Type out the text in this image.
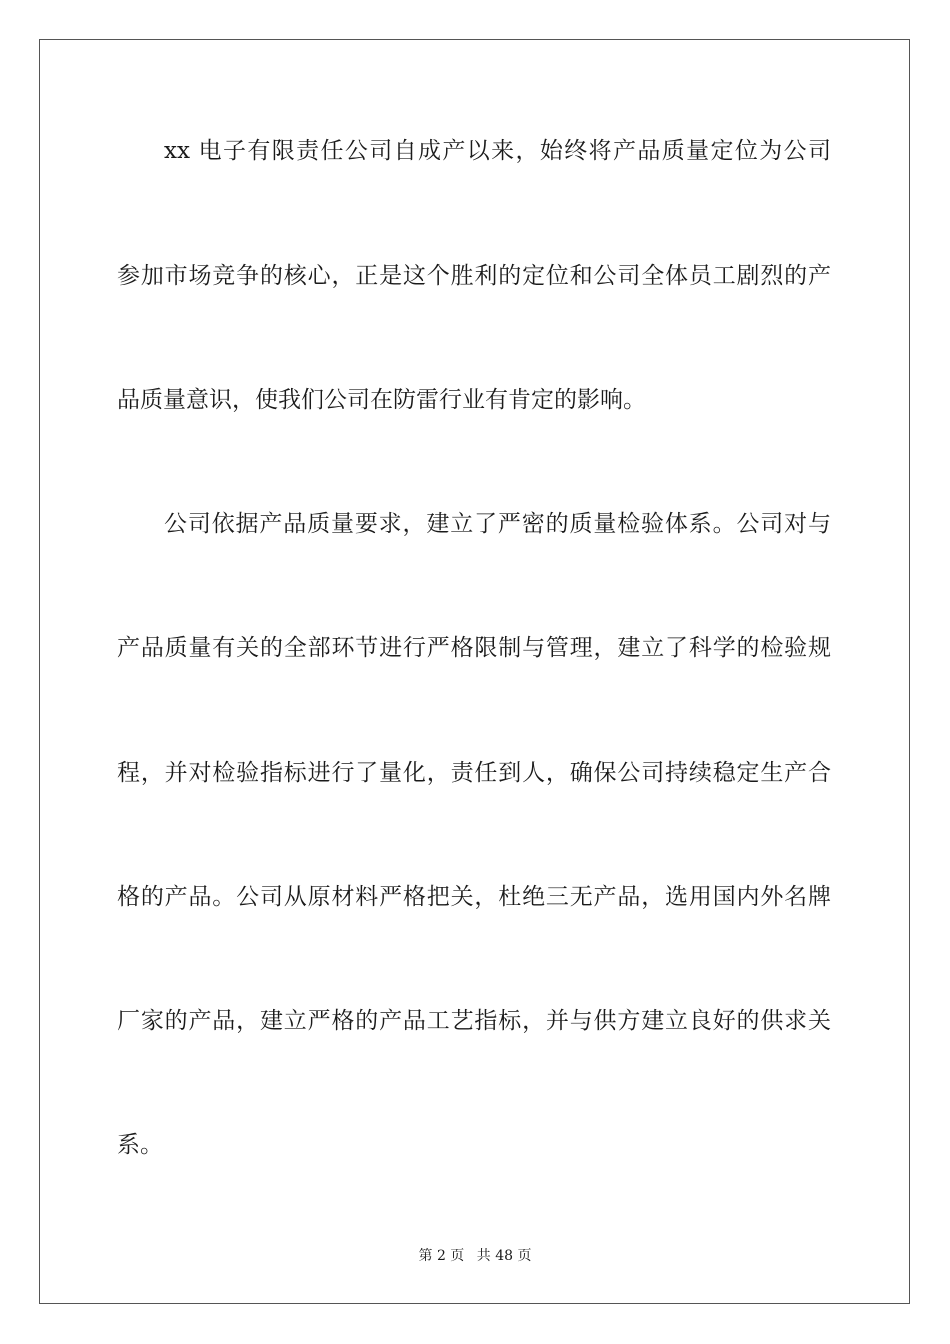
xx 电子有限责任公司自成产以来，始终将产品质量定位为公司
参加市场竞争的核心，正是这个胜利的定位和公司全体员工剧烈的产
品质量意识，使我们公司在防雷行业有肯定的影响。
公司依据产品质量要求，建立了严密的质量检验体系。公司对与
产品质量有关的全部环节进行严格限制与管理，建立了科学的检验规
程，并对检验指标进行了量化，责任到人，确保公司持续稳定生产合
格的产品。公司从原材料严格把关，杜绝三无产品，选用国内外名牌
厂家的产品，建立严格的产品工艺指标，并与供方建立良好的供求关
系。
第 2 页 共 48 页
